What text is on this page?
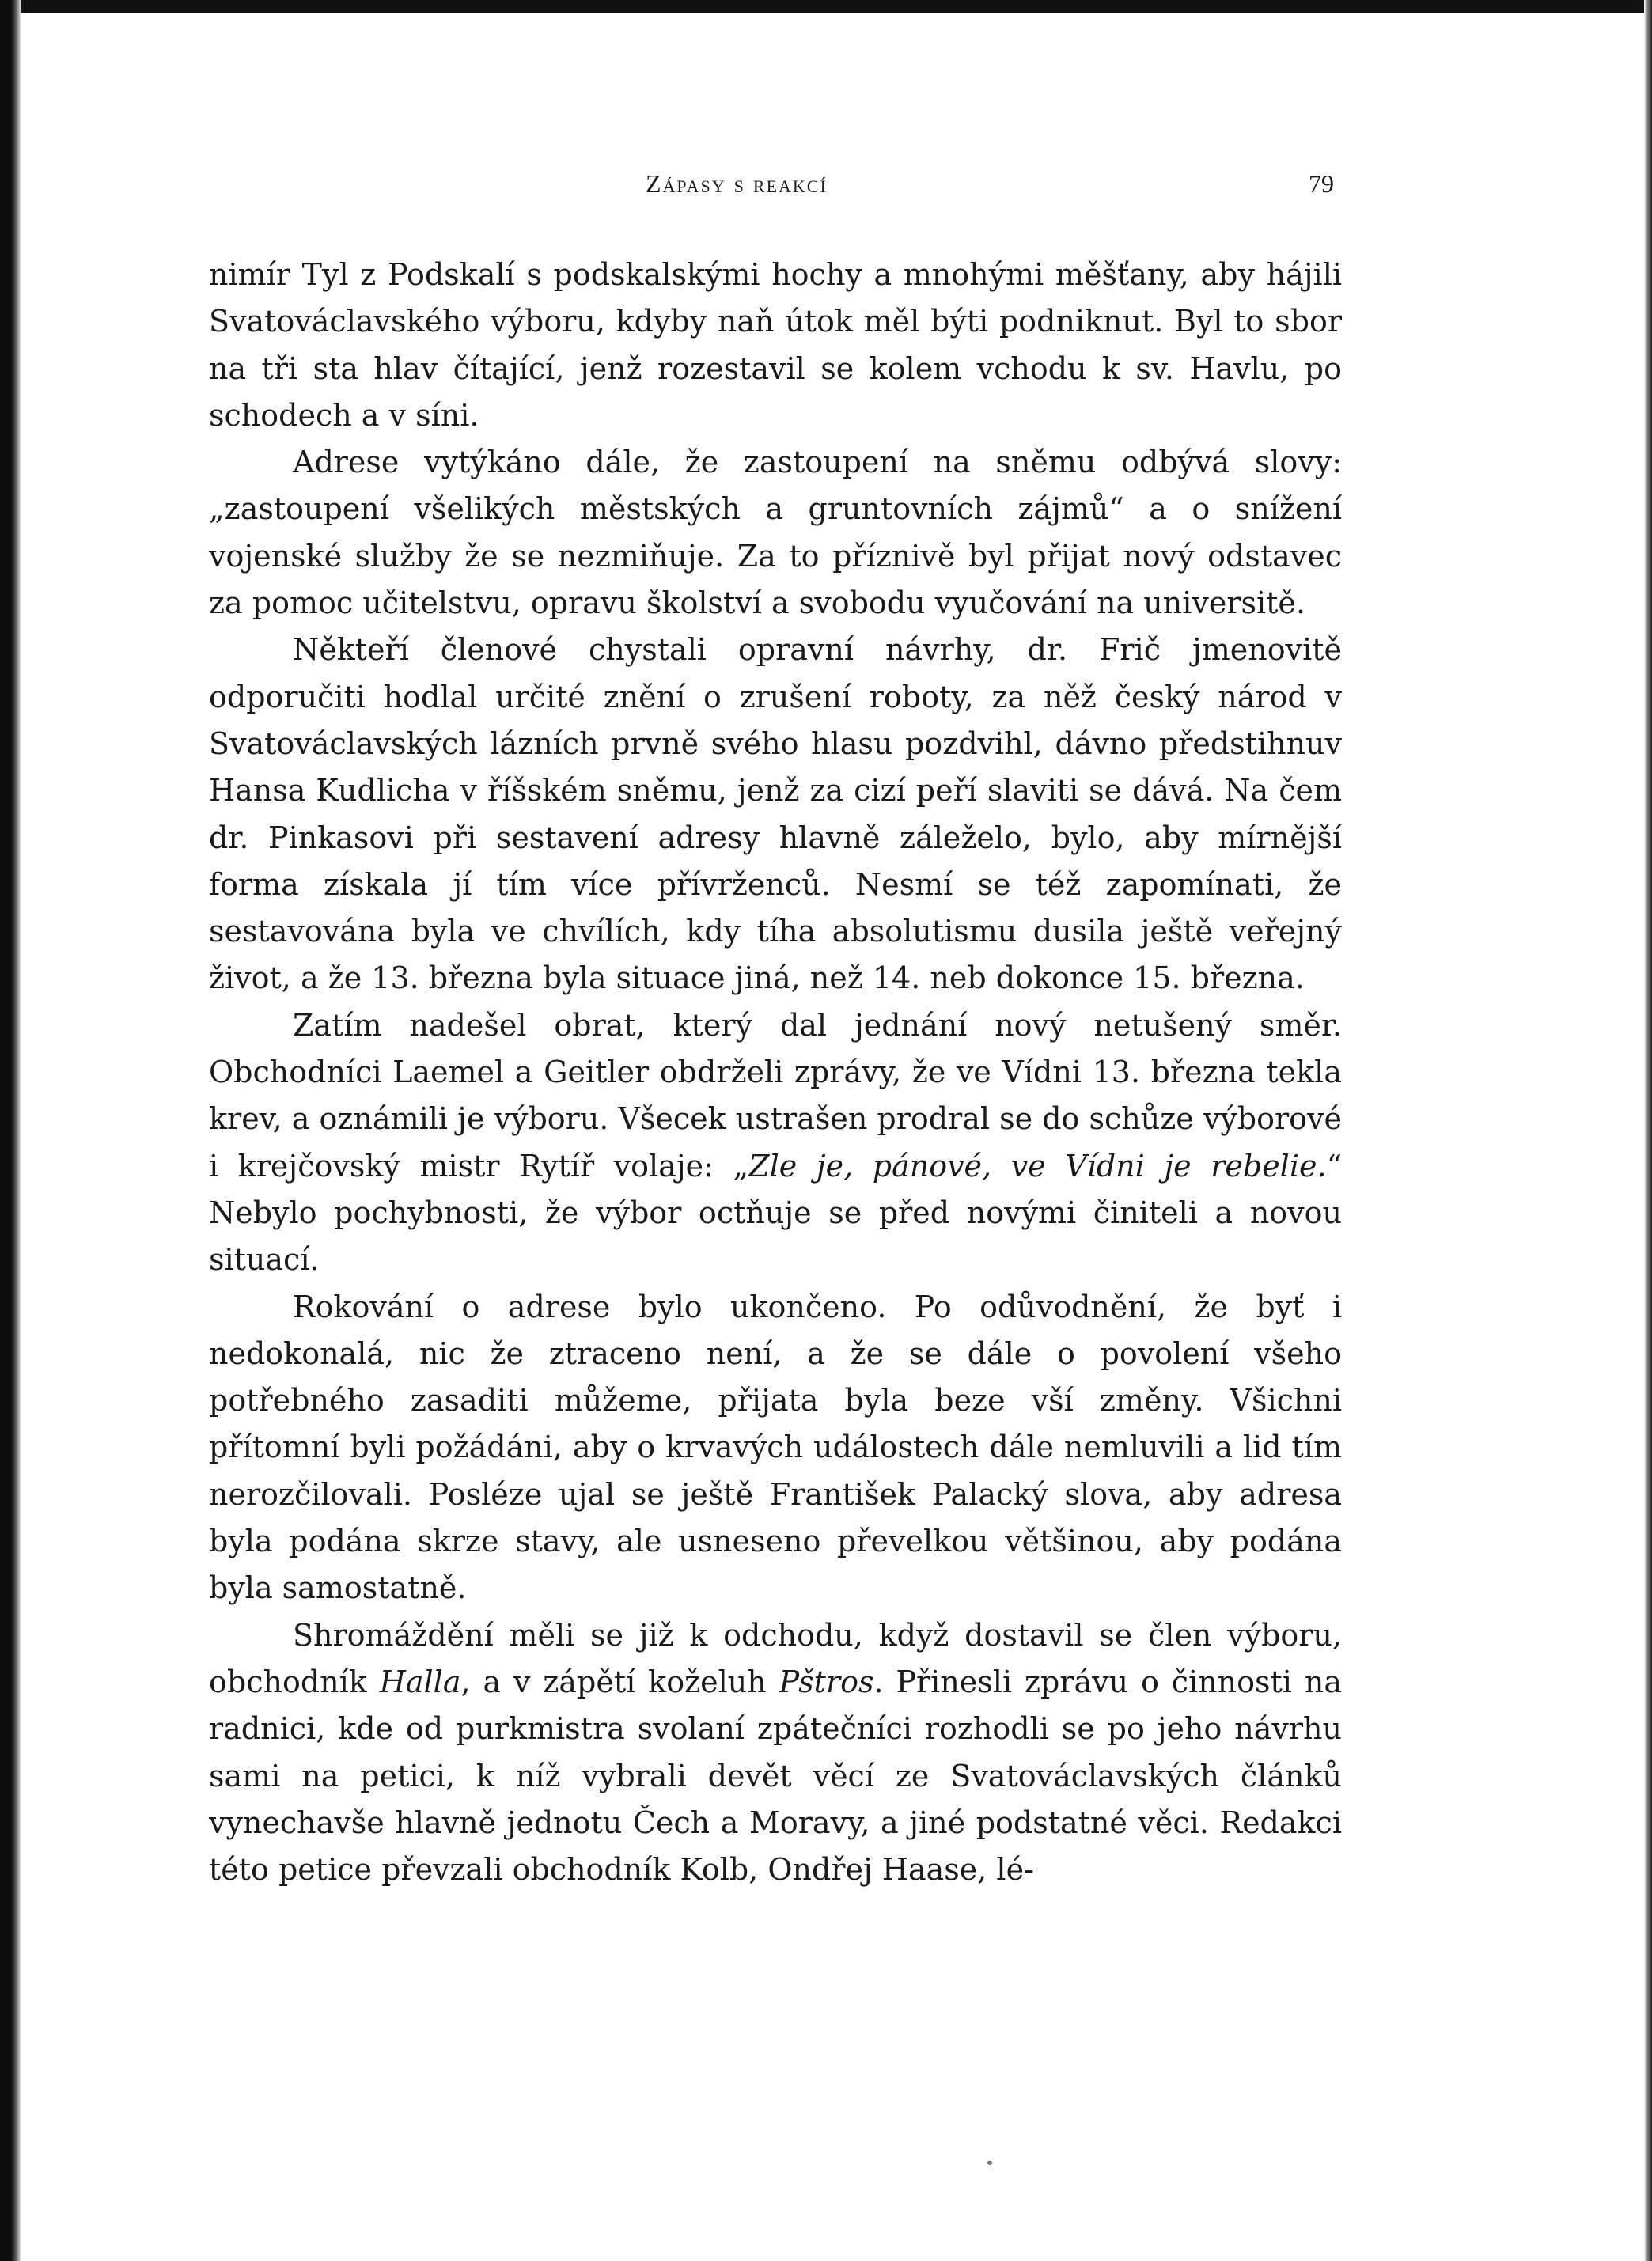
Zápasy s reakcí	79

nimír Tyl z Podskalí s podskalskými hochy a mnohými měšťany, aby hájili Svatováclavského výboru, kdyby naň útok měl býti podniknut. Byl to sbor na tři sta hlav čítající, jenž rozestavil se kolem vchodu k sv. Havlu, po schodech a v síni.

Adrese vytýkáno dále, že zastoupení na sněmu odbývá slovy: „zastoupení všelikých městských a gruntovních zájmů“ a o snížení vojenské služby že se nezmiňuje. Za to příznivě byl přijat nový odstavec za pomoc učitelstvu, opravu školství a svobodu vyučování na universitě.

Někteří členové chystali opravní návrhy, dr. Frič jmenovitě odporučiti hodlal určité znění o zrušení roboty, za něž český národ v Svatováclavských lázních prvně svého hlasu pozdvihl, dávno předstihnuv Hansa Kudlicha v říšském sněmu, jenž za cizí peří slaviti se dává. Na čem dr. Pinkasovi při sestavení adresy hlavně záleželo, bylo, aby mírnější forma získala jí tím více přívrženců. Nesmí se též zapomínati, že sestavována byla ve chvílích, kdy tíha absolutismu dusila ještě veřejný život, a že 13. března byla situace jiná, než 14. neb dokonce 15. března.

Zatím nadešel obrat, který dal jednání nový netušený směr. Obchodníci Laemel a Geitler obdrželi zprávy, že ve Vídni 13. března tekla krev, a oznámili je výboru. Všecek ustrašen prodral se do schůze výborové i krejčovský mistr Rytíř volaje: „Zle je, pánové, ve Vídni je rebelie.“ Nebylo pochybnosti, že výbor octňuje se před novými činiteli a novou situací.

Rokování o adrese bylo ukončeno. Po odůvodnění, že byť i nedokonalá, nic že ztraceno není, a že se dále o povolení všeho potřebného zasaditi můžeme, přijata byla beze vší změny. Všichni přítomní byli požádáni, aby o krvavých událostech dále nemluvili a lid tím nerozčilovali. Posléze ujal se ještě František Palacký slova, aby adresa byla podána skrze stavy, ale usneseno převelkou většinou, aby podána byla samostatně.

Shromáždění měli se již k odchodu, když dostavil se člen výboru, obchodník Halla, a v zápětí koželuh Pštros. Přinesli zprávu o činnosti na radnici, kde od purkmistra svolaní zpátečníci rozhodli se po jeho návrhu sami na petici, k níž vybrali devět věcí ze Svatováclavských článků vynechavše hlavně jednotu Čech a Moravy, a jiné podstatné věci. Redakci této petice převzali obchodník Kolb, Ondřej Haase, lé-
